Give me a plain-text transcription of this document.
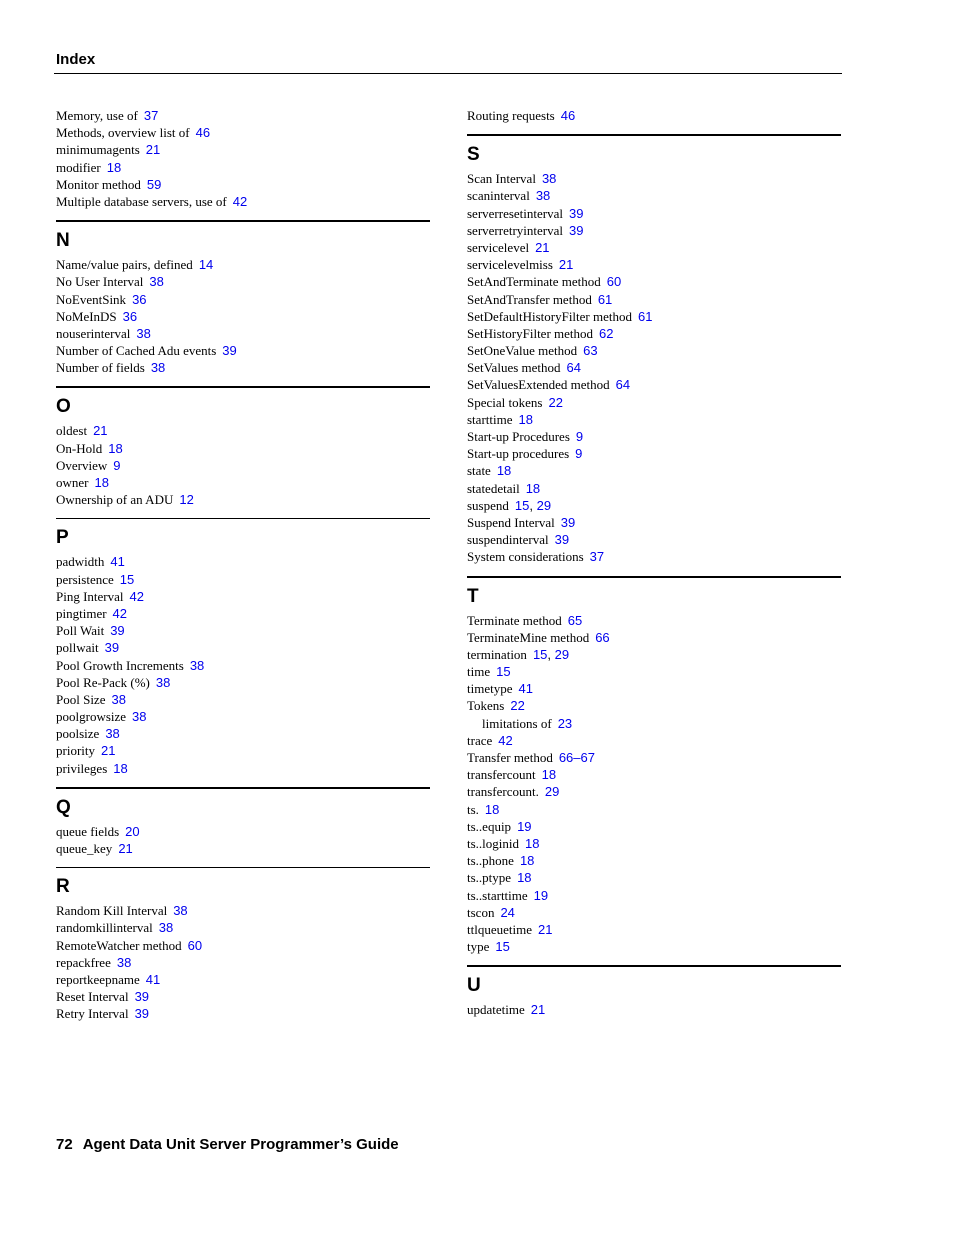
Index
Memory, use of 37
Methods, overview list of 46
minimumagents 21
modifier 18
Monitor method 59
Multiple database servers, use of 42
N
Name/value pairs, defined 14
No User Interval 38
NoEventSink 36
NoMeInDS 36
nouserinterval 38
Number of Cached Adu events 39
Number of fields 38
O
oldest 21
On-Hold 18
Overview 9
owner 18
Ownership of an ADU 12
P
padwidth 41
persistence 15
Ping Interval 42
pingtimer 42
Poll Wait 39
pollwait 39
Pool Growth Increments 38
Pool Re-Pack (%) 38
Pool Size 38
poolgrowsize 38
poolsize 38
priority 21
privileges 18
Q
queue fields 20
queue_key 21
R
Random Kill Interval 38
randomkillinterval 38
RemoteWatcher method 60
repackfree 38
reportkeepname 41
Reset Interval 39
Retry Interval 39
Routing requests 46
S
Scan Interval 38
scaninterval 38
serverresetinterval 39
serverretryinterval 39
servicelevel 21
servicelevelmiss 21
SetAndTerminate method 60
SetAndTransfer method 61
SetDefaultHistoryFilter method 61
SetHistoryFilter method 62
SetOneValue method 63
SetValues method 64
SetValuesExtended method 64
Special tokens 22
starttime 18
Start-up Procedures 9
Start-up procedures 9
state 18
statedetail 18
suspend 15, 29
Suspend Interval 39
suspendinterval 39
System considerations 37
T
Terminate method 65
TerminateMine method 66
termination 15, 29
time 15
timetype 41
Tokens 22
limitations of 23
trace 42
Transfer method 66–67
transfercount 18
transfercount. 29
ts. 18
ts..equip 19
ts..loginid 18
ts..phone 18
ts..ptype 18
ts..starttime 19
tscon 24
ttlqueuetime 21
type 15
U
updatetime 21
72 Agent Data Unit Server Programmer’s Guide
